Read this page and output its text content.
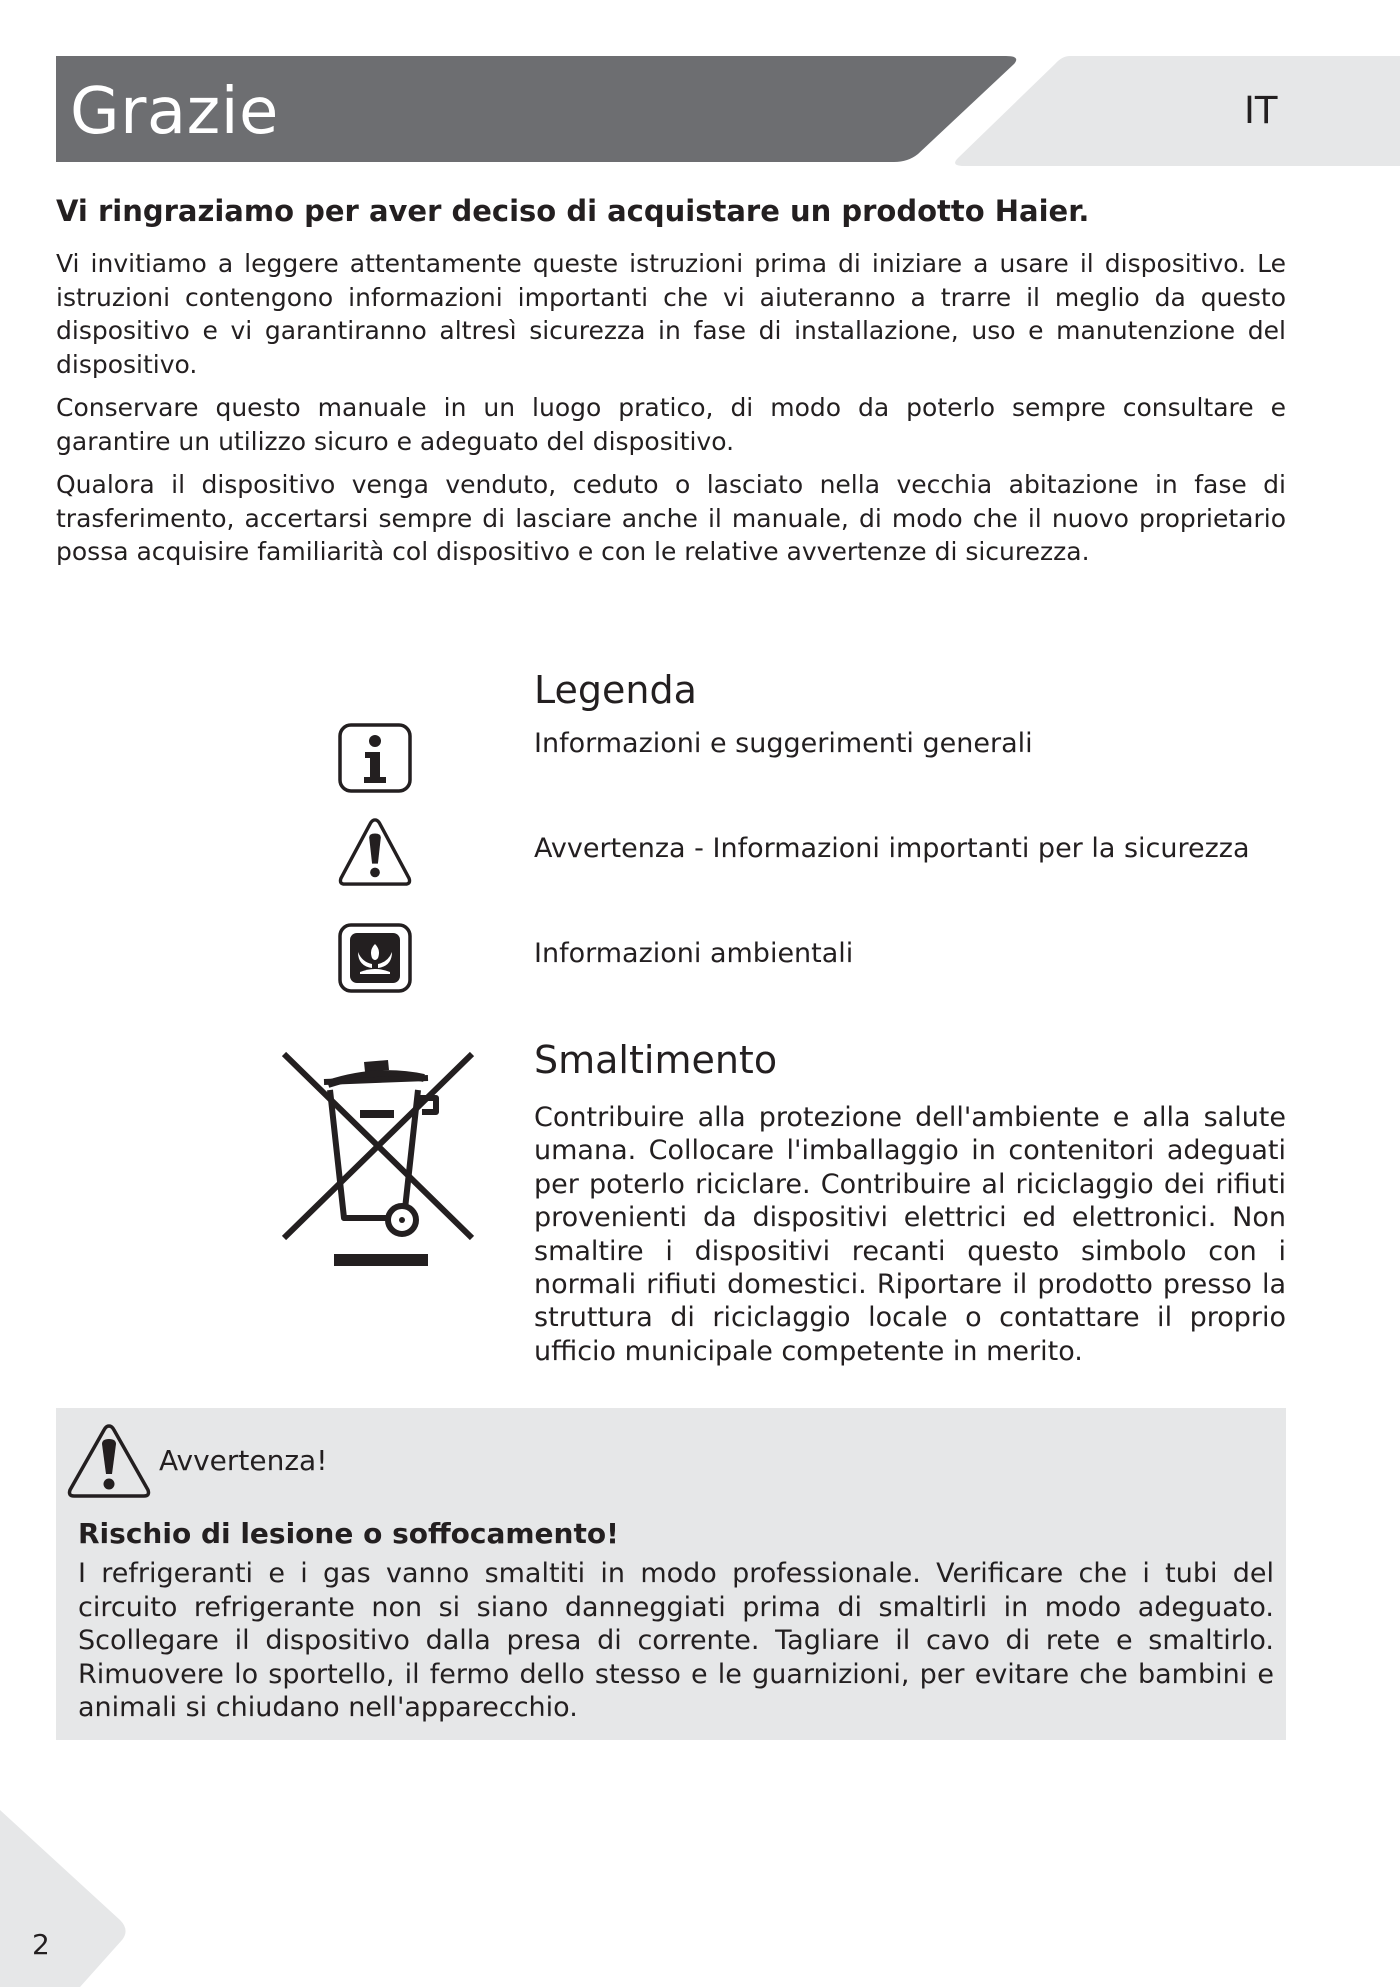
Grazie	IT
Vi ringraziamo per aver deciso di acquistare un prodotto Haier.

Vi invitiamo a leggere attentamente queste istruzioni prima di iniziare a usare il dispositivo. Le istruzioni contengono informazioni importanti che vi aiuteranno a trarre il meglio da questo dispositivo e vi garantiranno altresì sicurezza in fase di installazione, uso e manutenzione del dispositivo.

Conservare questo manuale in un luogo pratico, di modo da poterlo sempre consultare e garantire un utilizzo sicuro e adeguato del dispositivo.

Qualora il dispositivo venga venduto, ceduto o lasciato nella vecchia abitazione in fase di trasferimento, accertarsi sempre di lasciare anche il manuale, di modo che il nuovo proprietario possa acquisire familiarità col dispositivo e con le relative avvertenze di sicurezza.

Legenda
Informazioni e suggerimenti generali
Avvertenza - Informazioni importanti per la sicurezza
Informazioni ambientali
Smaltimento
Contribuire alla protezione dell'ambiente e alla salute umana. Collocare l'imballaggio in contenitori adeguati per poterlo riciclare. Contribuire al riciclaggio dei rifiuti provenienti da dispositivi elettrici ed elettronici. Non smaltire i dispositivi recanti questo simbolo con i normali rifiuti domestici. Riportare il prodotto presso la struttura di riciclaggio locale o contattare il proprio ufficio municipale competente in merito.
Avvertenza!
Rischio di lesione o soffocamento!
I refrigeranti e i gas vanno smaltiti in modo professionale. Verificare che i tubi del circuito refrigerante non si siano danneggiati prima di smaltirli in modo adeguato. Scollegare il dispositivo dalla presa di corrente. Tagliare il cavo di rete e smaltirlo. Rimuovere lo sportello, il fermo dello stesso e le guarnizioni, per evitare che bambini e animali si chiudano nell'apparecchio.
2
